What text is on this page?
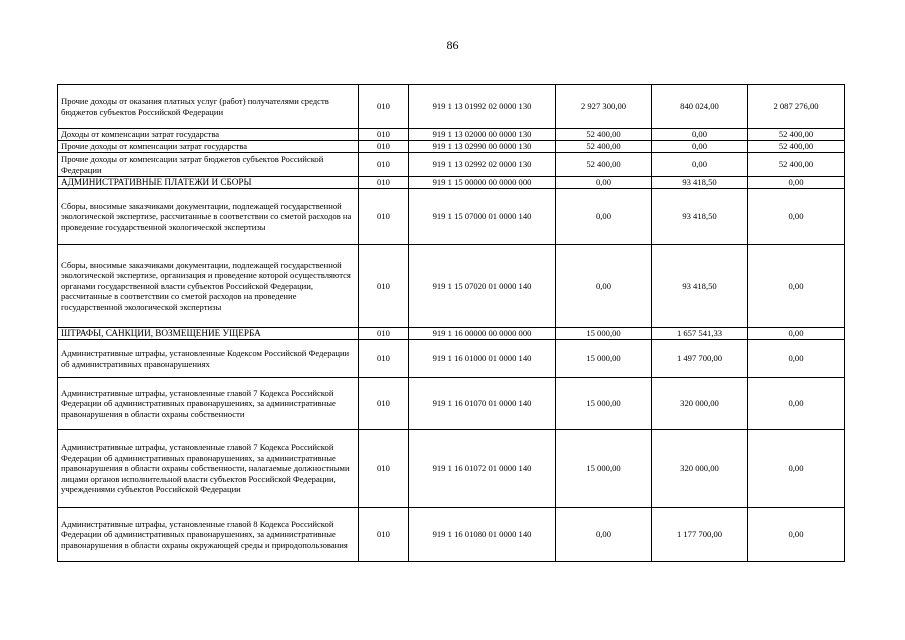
86
Прочие доходы от оказания платных услуг (работ) получателями средств бюджетов субъектов Российской Федерации	010	919 1 13 01992 02 0000 130	2 927 300,00	840 024,00	2 087 276,00
Доходы от компенсации затрат государства	010	919 1 13 02000 00 0000 130	52 400,00	0,00	52 400,00
Прочие доходы от компенсации затрат государства	010	919 1 13 02990 00 0000 130	52 400,00	0,00	52 400,00
Прочие доходы от компенсации затрат бюджетов субъектов Российской Федерации	010	919 1 13 02992 02 0000 130	52 400,00	0,00	52 400,00
АДМИНИСТРАТИВНЫЕ ПЛАТЕЖИ И СБОРЫ	010	919 1 15 00000 00 0000 000	0,00	93 418,50	0,00
Сборы, вносимые заказчиками документации, подлежащей государственной экологической экспертизе, рассчитанные в соответствии со сметой расходов на проведение государственной экологической экспертизы	010	919 1 15 07000 01 0000 140	0,00	93 418,50	0,00
Сборы, вносимые заказчиками документации, подлежащей государственной экологической экспертизе, организация и проведение которой осуществляются органами государственной власти субъектов Российской Федерации, рассчитанные в соответствии со сметой расходов на проведение государственной экологической экспертизы	010	919 1 15 07020 01 0000 140	0,00	93 418,50	0,00
ШТРАФЫ, САНКЦИИ, ВОЗМЕЩЕНИЕ УЩЕРБА	010	919 1 16 00000 00 0000 000	15 000,00	1 657 541,33	0,00
Административные штрафы, установленные Кодексом Российской Федерации об административных правонарушениях	010	919 1 16 01000 01 0000 140	15 000,00	1 497 700,00	0,00
Административные штрафы, установленные главой 7 Кодекса Российской Федерации об административных правонарушениях, за административные правонарушения в области охраны собственности	010	919 1 16 01070 01 0000 140	15 000,00	320 000,00	0,00
Административные штрафы, установленные главой 7 Кодекса Российской Федерации об административных правонарушениях, за административные правонарушения в области охраны собственности, налагаемые должностными лицами органов исполнительной власти субъектов Российской Федерации, учреждениями субъектов Российской Федерации	010	919 1 16 01072 01 0000 140	15 000,00	320 000,00	0,00
Административные штрафы, установленные главой 8 Кодекса Российской Федерации об административных правонарушениях, за административные правонарушения в области охраны окружающей среды и природопользования	010	919 1 16 01080 01 0000 140	0,00	1 177 700,00	0,00
